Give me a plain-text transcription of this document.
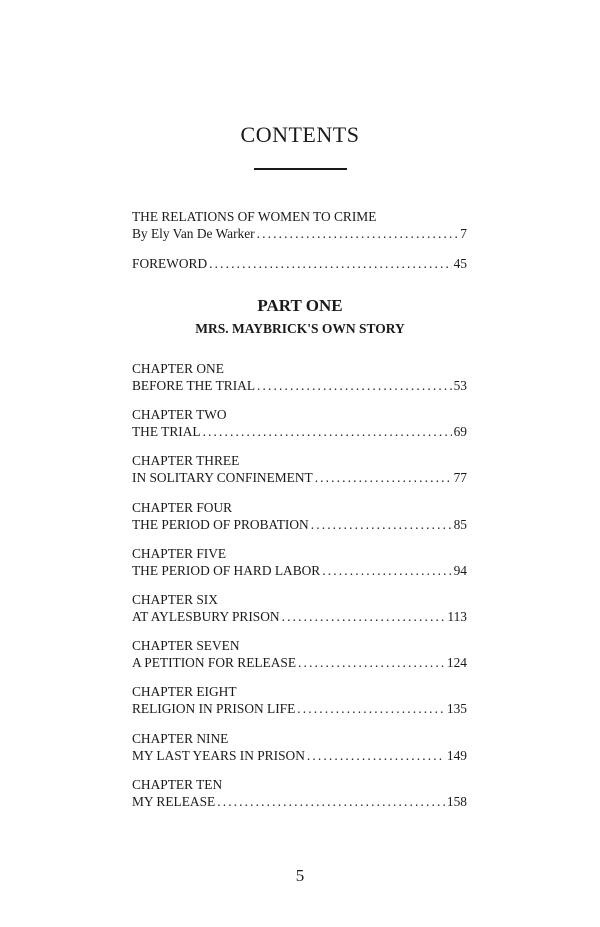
CONTENTS
THE RELATIONS OF WOMEN TO CRIME
By Ely Van De Warker . . .	7
FOREWORD . . .	45
PART ONE
MRS. MAYBRICK'S OWN STORY
CHAPTER ONE
BEFORE THE TRIAL . . .	53
CHAPTER TWO
THE TRIAL . . .	69
CHAPTER THREE
IN SOLITARY CONFINEMENT . . .	77
CHAPTER FOUR
THE PERIOD OF PROBATION . . .	85
CHAPTER FIVE
THE PERIOD OF HARD LABOR . . .	94
CHAPTER SIX
AT AYLESBURY PRISON . . .	113
CHAPTER SEVEN
A PETITION FOR RELEASE . . .	124
CHAPTER EIGHT
RELIGION IN PRISON LIFE . . .	135
CHAPTER NINE
MY LAST YEARS IN PRISON . . .	149
CHAPTER TEN
MY RELEASE . . .	158
5
